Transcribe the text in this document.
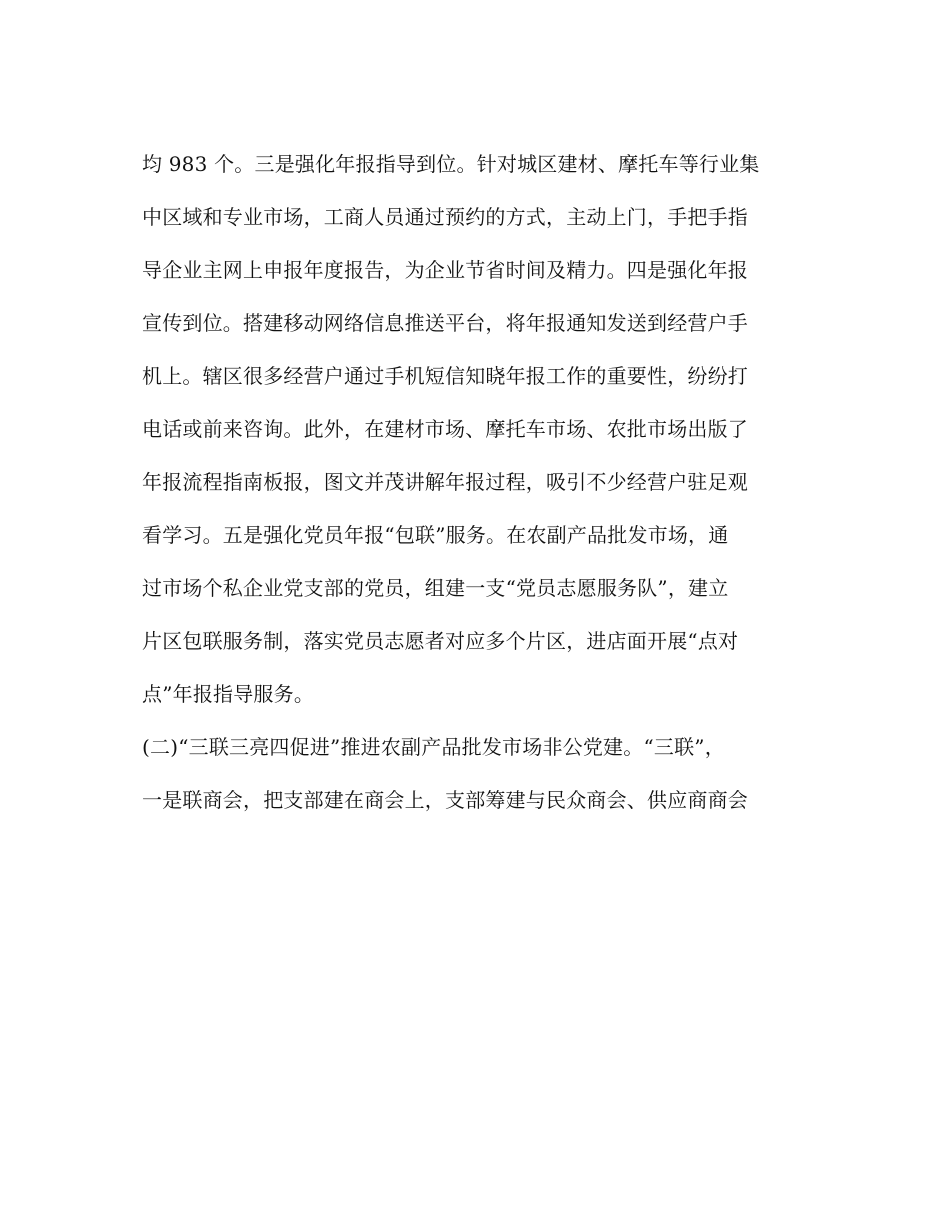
均 983 个。三是强化年报指导到位。针对城区建材、摩托车等行业集
中区域和专业市场，工商人员通过预约的方式，主动上门，手把手指
导企业主网上申报年度报告，为企业节省时间及精力。四是强化年报
宣传到位。搭建移动网络信息推送平台，将年报通知发送到经营户手
机上。辖区很多经营户通过手机短信知晓年报工作的重要性，纷纷打
电话或前来咨询。此外，在建材市场、摩托车市场、农批市场出版了
年报流程指南板报，图文并茂讲解年报过程，吸引不少经营户驻足观
看学习。五是强化党员年报“包联”服务。在农副产品批发市场，通
过市场个私企业党支部的党员，组建一支“党员志愿服务队”，建立
片区包联服务制，落实党员志愿者对应多个片区，进店面开展“点对
点”年报指导服务。
(二)“三联三亮四促进”推进农副产品批发市场非公党建。“三联”，
一是联商会，把支部建在商会上，支部筹建与民众商会、供应商商会
